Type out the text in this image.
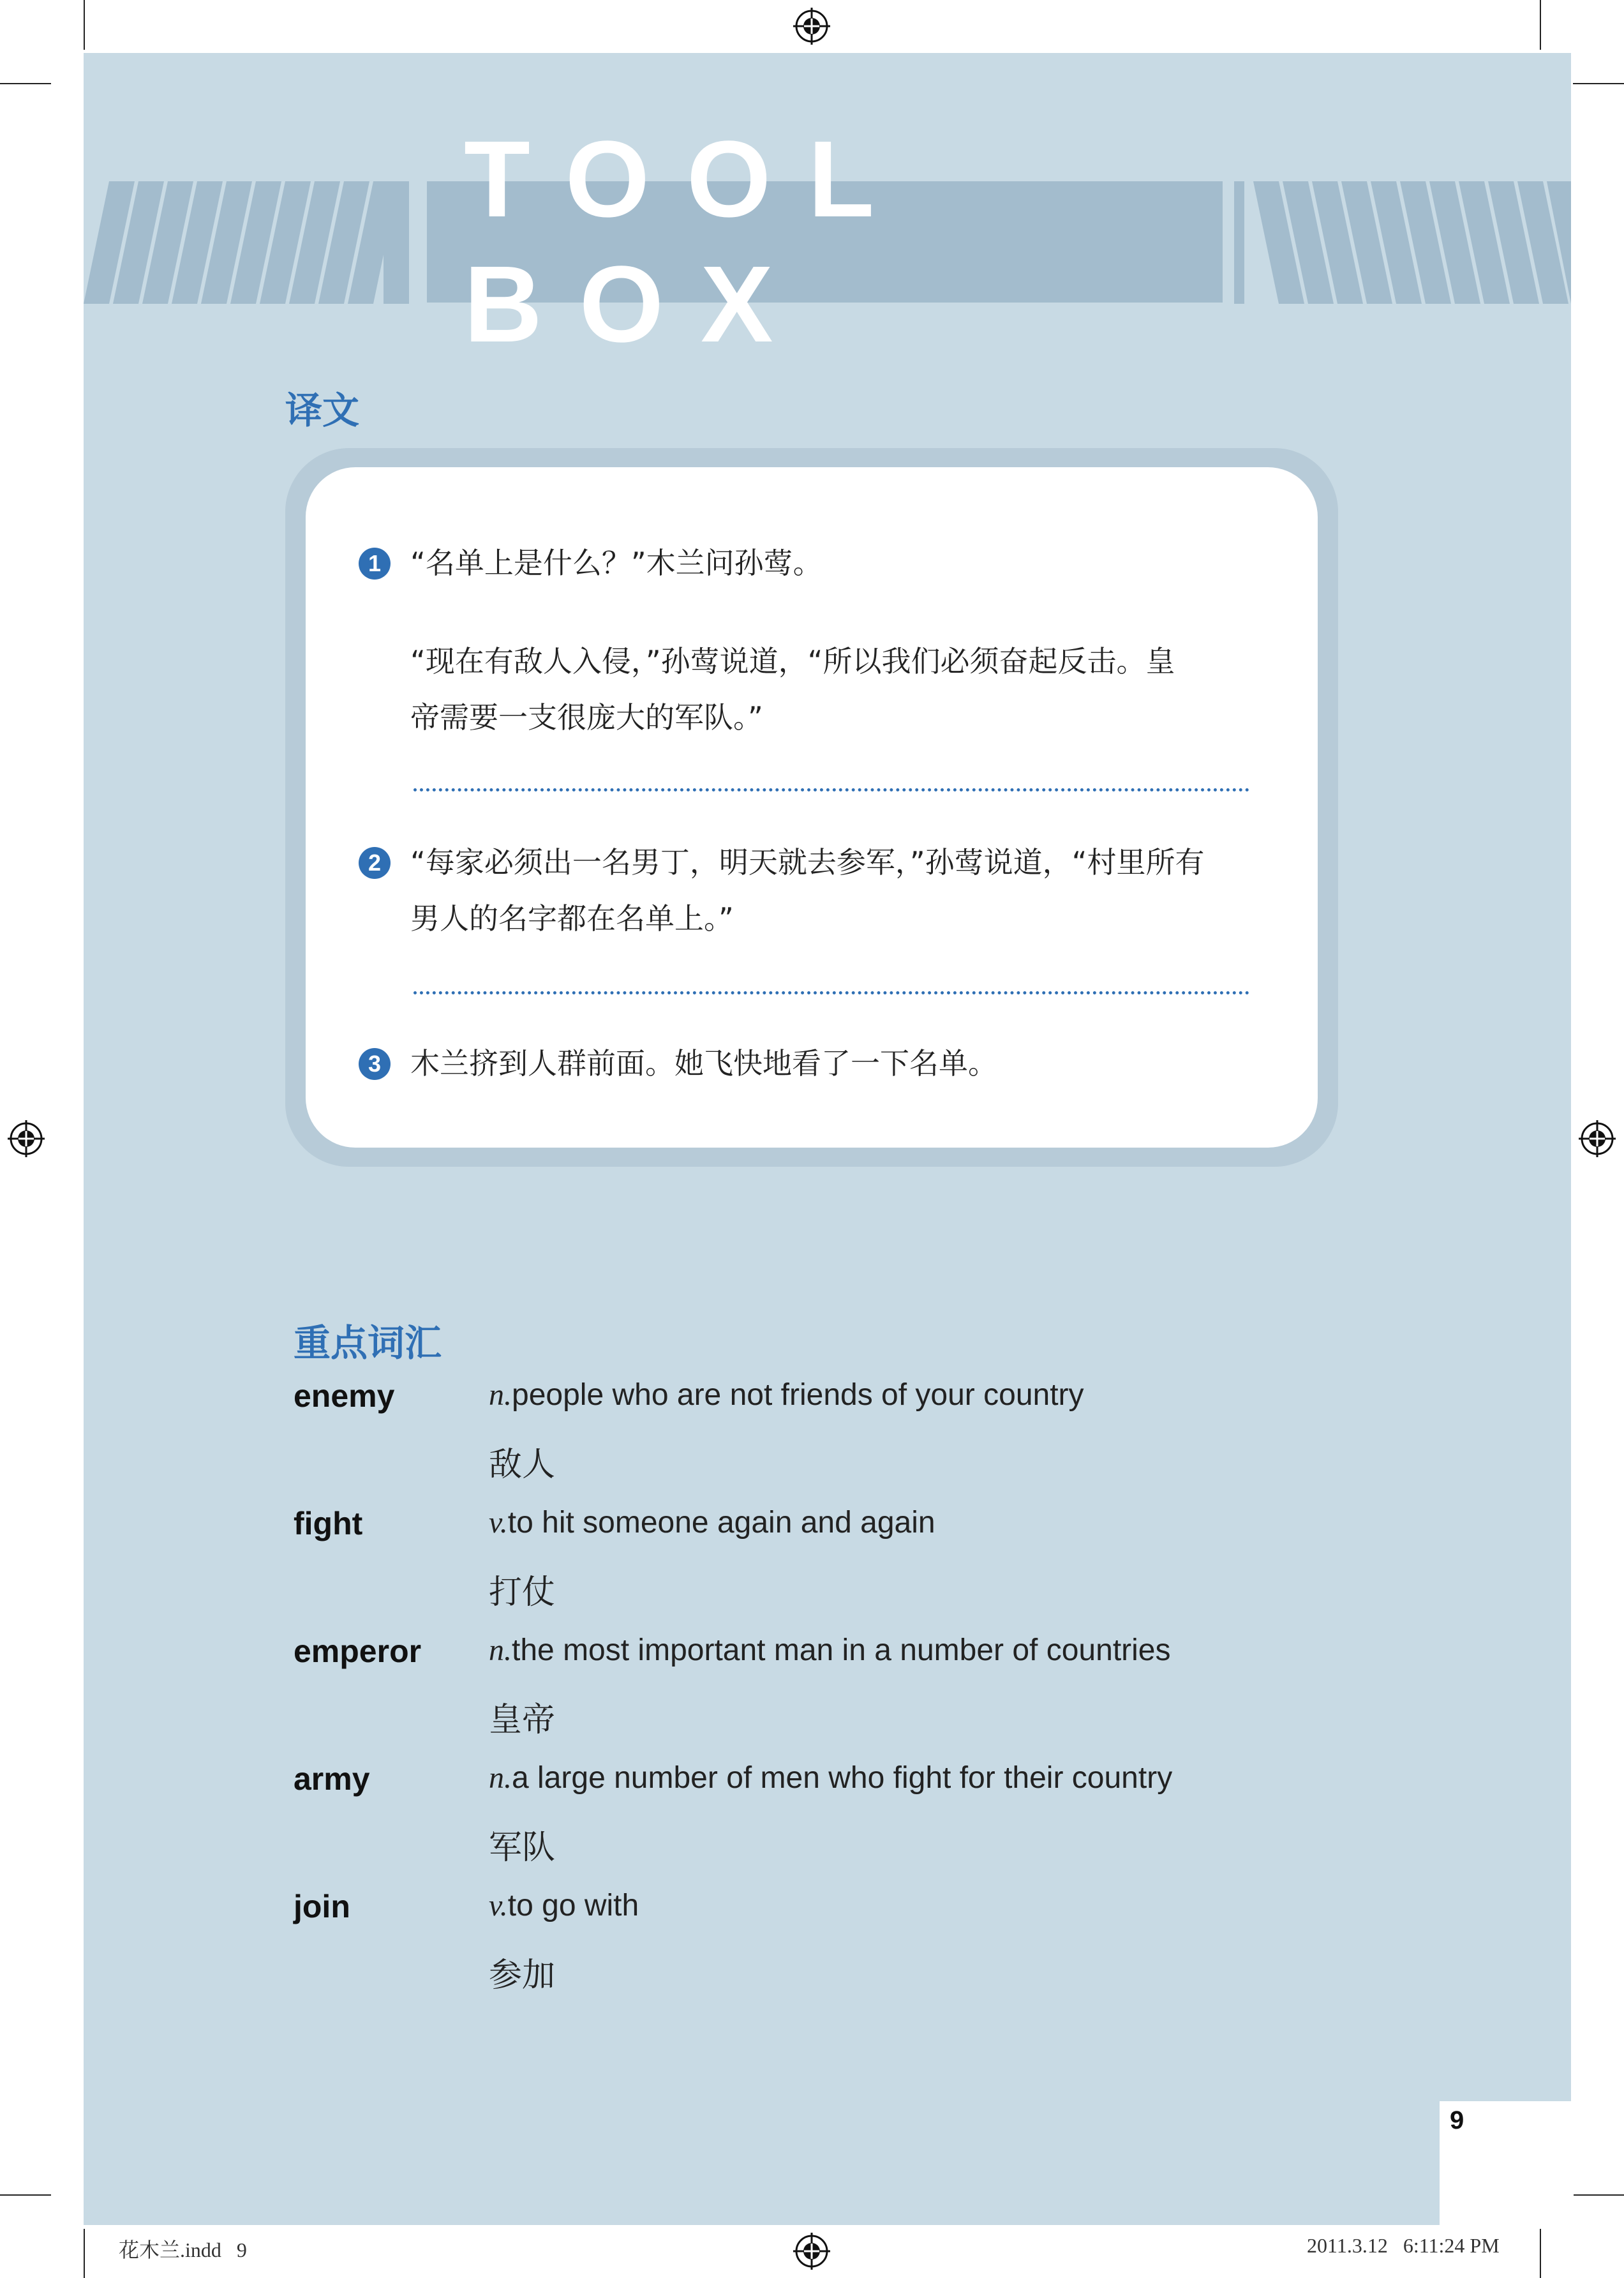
9
TOOL BOX
译文
1 “名单上是什么？”木兰问孙莺。
“现在有敌人入侵，”孙莺说道，“所以我们必须奋起反击。皇
帝需要一支很庞大的军队。”
2 “每家必须出一名男丁，明天就去参军，”孙莺说道，“村里所有
男人的名字都在名单上。”
3 木兰挤到人群前面。她飞快地看了一下名单。
重点词汇
enemy	n.people who are not friends of your country
敌人
fight	v.to hit someone again and again
打仗
emperor n.the most important man in a number of countries
皇帝
army	n.a large number of men who fight for their country
军队
join	v.to go with
参加
花木兰.indd   9	2011.3.12   6:11:24 PM
